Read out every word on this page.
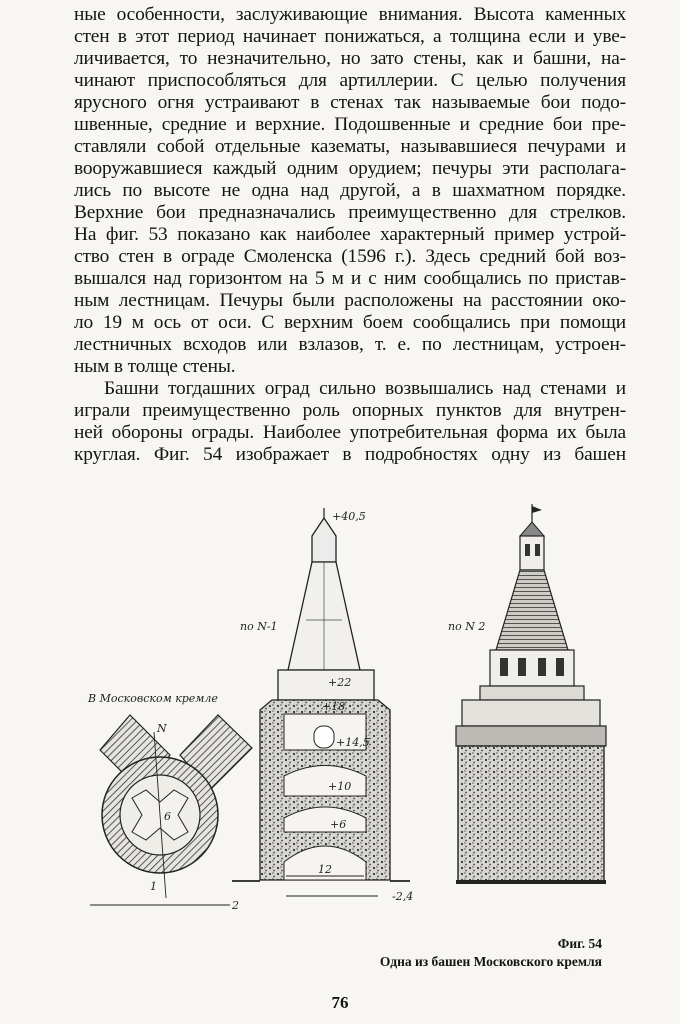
ные особенности, заслуживающие внимания. Высота каменных
стен в этот период начинает понижаться, а толщина если и уве-
личивается, то незначительно, но зато стены, как и башни, на-
чинают приспособляться для артиллерии. С целью получения
ярусного огня устраивают в стенах так называемые бои подо-
швенные, средние и верхние. Подошвенные и средние бои пре-
ставляли собой отдельные казематы, называвшиеся печурами и
вооружавшиеся каждый одним орудием; печуры эти располага-
лись по высоте не одна над другой, а в шахматном порядке.
Верхние бои предназначались преимущественно для стрелков.
На фиг. 53 показано как наиболее характерный пример устрой-
ство стен в ограде Смоленска (1596 г.). Здесь средний бой воз-
вышался над горизонтом на 5 м и с ним сообщались по пристав-
ным лестницам. Печуры были расположены на расстоянии око-
ло 19 м ось от оси. С верхним боем сообщались при помощи
лестничных всходов или взлазов, т. е. по лестницам, устроен-
ным в толще стены.
Башни тогдашних оград сильно возвышались над стенами и
играли преимущественно роль опорных пунктов для внутрен-
ней обороны ограды. Наиболее употребительная форма их была
круглая. Фиг. 54 изображает в подробностях одну из башен
В Московском кремле
N
6
1
2
по N-1
+40,5
+22
+18
+14,5
+10
+6
12
-2,4
по N 2
Фиг. 54
Одна из башен Московского кремля
76
